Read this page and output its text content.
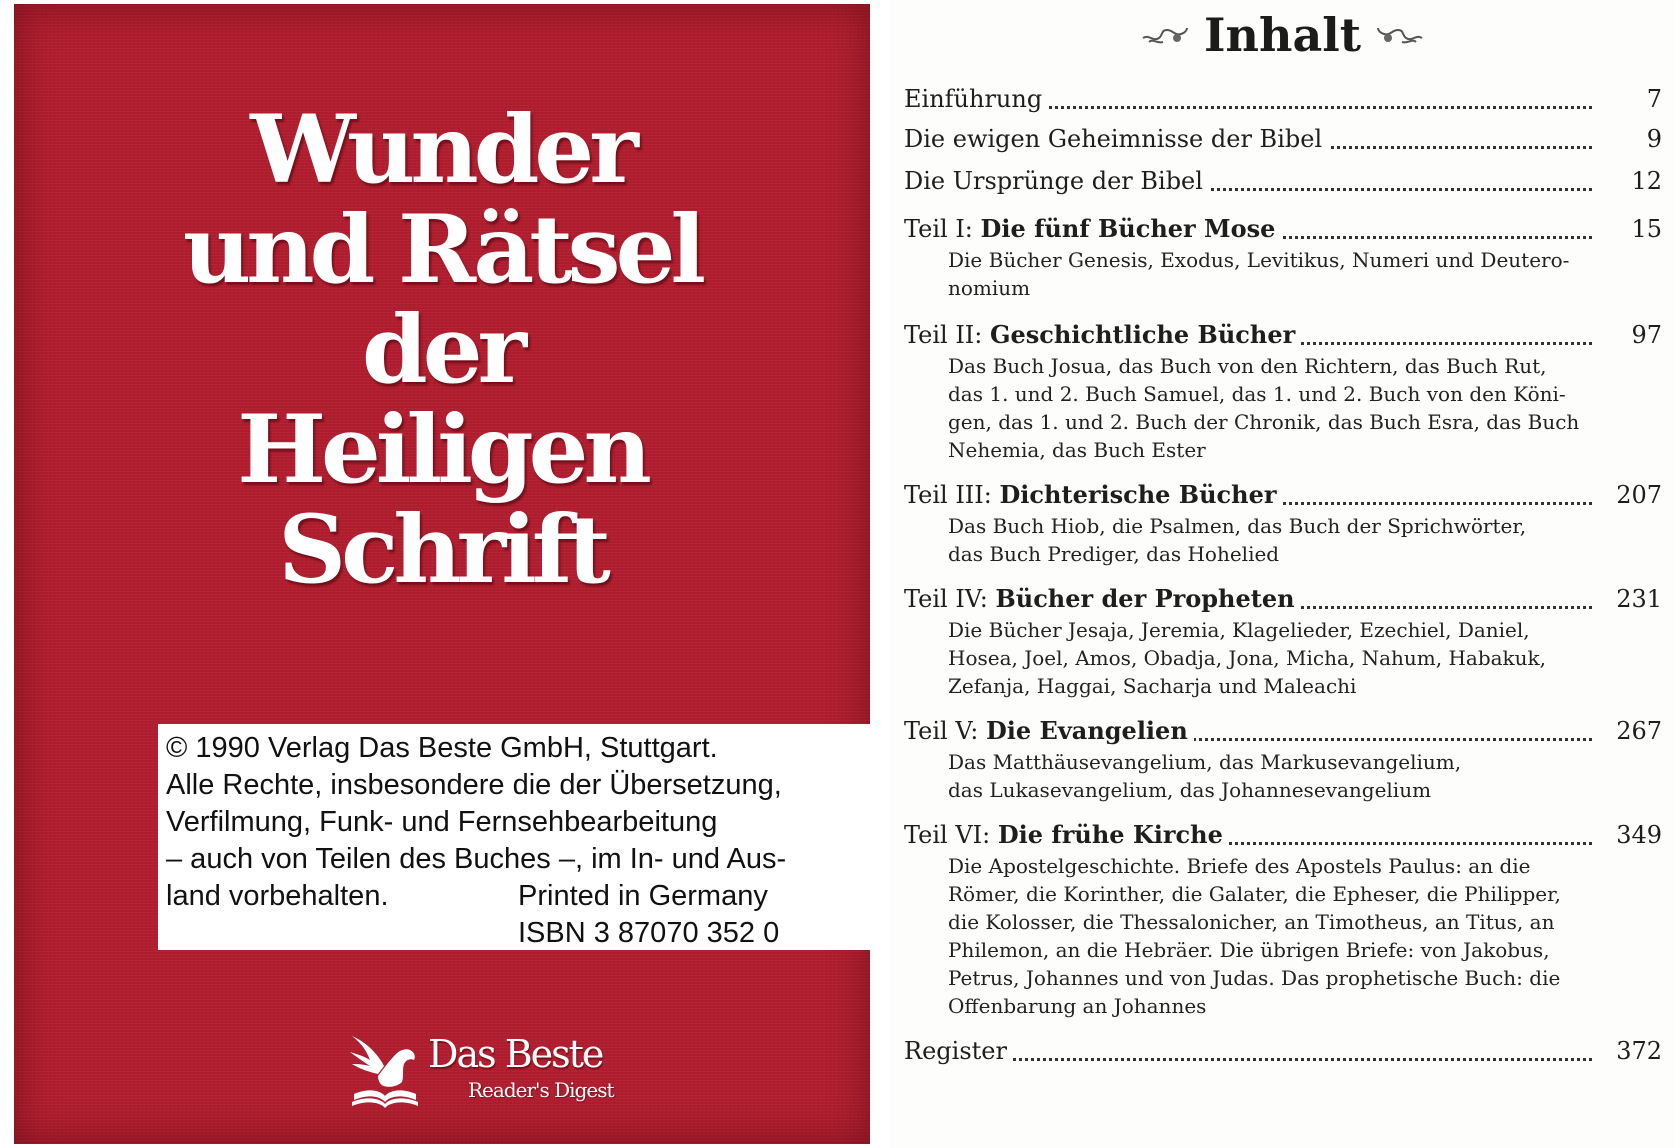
Wunder
und Rätsel
der
Heiligen
Schrift
© 1990 Verlag Das Beste GmbH, Stuttgart.
Alle Rechte, insbesondere die der Übersetzung,
Verfilmung, Funk- und Fernsehbearbeitung
– auch von Teilen des Buches –, im In- und Aus-
land vorbehalten.	Printed in Germany
ISBN 3 87070 352 0
Das Beste
Reader's Digest
Inhalt
Einführung	7
Die ewigen Geheimnisse der Bibel	9
Die Ursprünge der Bibel	12
Teil I: Die fünf Bücher Mose	15
Die Bücher Genesis, Exodus, Levitikus, Numeri und Deutero-
nomium
Teil II: Geschichtliche Bücher	97
Das Buch Josua, das Buch von den Richtern, das Buch Rut,
das 1. und 2. Buch Samuel, das 1. und 2. Buch von den Köni-
gen, das 1. und 2. Buch der Chronik, das Buch Esra, das Buch
Nehemia, das Buch Ester
Teil III: Dichterische Bücher	207
Das Buch Hiob, die Psalmen, das Buch der Sprichwörter,
das Buch Prediger, das Hohelied
Teil IV: Bücher der Propheten	231
Die Bücher Jesaja, Jeremia, Klagelieder, Ezechiel, Daniel,
Hosea, Joel, Amos, Obadja, Jona, Micha, Nahum, Habakuk,
Zefanja, Haggai, Sacharja und Maleachi
Teil V: Die Evangelien	267
Das Matthäusevangelium, das Markusevangelium,
das Lukasevangelium, das Johannesevangelium
Teil VI: Die frühe Kirche	349
Die Apostelgeschichte. Briefe des Apostels Paulus: an die
Römer, die Korinther, die Galater, die Epheser, die Philipper,
die Kolosser, die Thessalonicher, an Timotheus, an Titus, an
Philemon, an die Hebräer. Die übrigen Briefe: von Jakobus,
Petrus, Johannes und von Judas. Das prophetische Buch: die
Offenbarung an Johannes
Register	372
